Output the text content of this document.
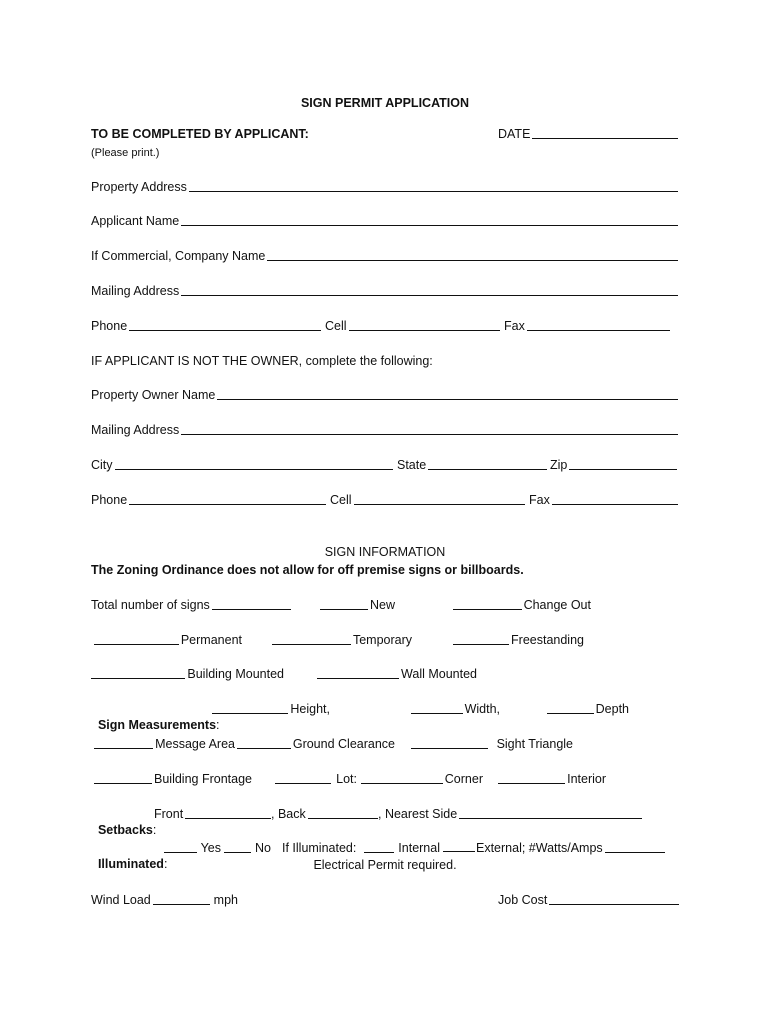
SIGN PERMIT APPLICATION
TO BE COMPLETED BY APPLICANT:	DATE
(Please print.)
Property Address
Applicant Name
If Commercial, Company Name
Mailing Address
Phone	Cell	Fax
IF APPLICANT IS NOT THE OWNER, complete the following:
Property Owner Name
Mailing Address
City	State	Zip
Phone	Cell	Fax
SIGN INFORMATION
The Zoning Ordinance does not allow for off premise signs or billboards.
Total number of signs	New	Change Out
Permanent	Temporary	Freestanding
Building Mounted	Wall Mounted

Sign Measurements:

Height,	Width,	Depth
Message Area	Ground Clearance	Sight Triangle
Building Frontage	Lot:	Corner	Interior

Setbacks:

Front	, Back	, Nearest Side

Illuminated:

Yes	No If Illuminated:	Internal	External; #Watts/Amps
Electrical Permit required.
Wind Load	mph	Job Cost
